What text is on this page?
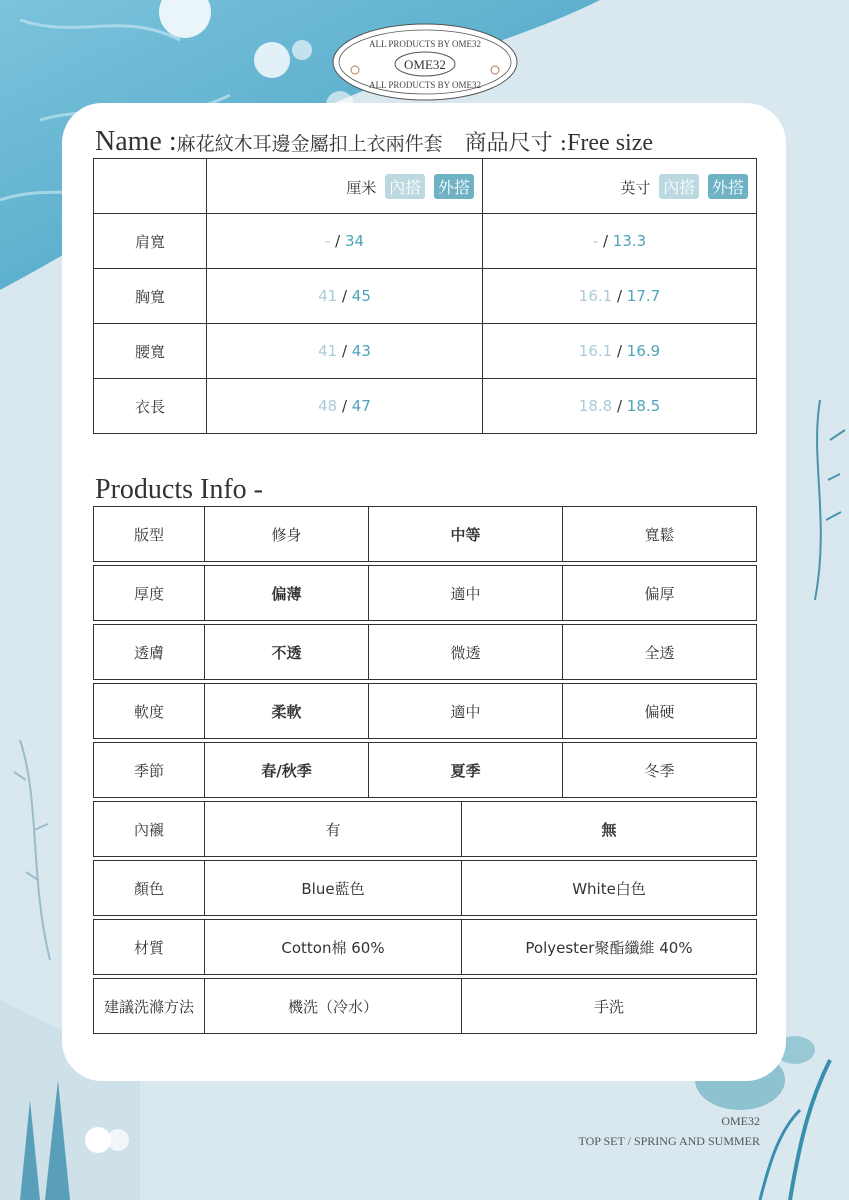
ALL PRODUCTS BY OME32
OME32
ALL PRODUCTS BY OME32
Name :麻花紋木耳邊金屬扣上衣兩件套 商品尺寸 :Free size
	厘米 內搭 外搭	英寸 內搭 外搭
肩寬	- / 34	- / 13.3
胸寬	41 / 45	16.1 / 17.7
腰寬	41 / 43	16.1 / 16.9
衣長	48 / 47	18.8 / 18.5
Products Info -
版型	修身	中等	寬鬆
厚度	偏薄	適中	偏厚
透膚	不透	微透	全透
軟度	柔軟	適中	偏硬
季節	春/秋季	夏季	冬季
內襯	有	無
顏色	Blue藍色	White白色
材質	Cotton棉 60%	Polyester聚酯纖維 40%
建議洗滌方法	機洗（冷水）	手洗
OME32
TOP SET / SPRING AND SUMMER
